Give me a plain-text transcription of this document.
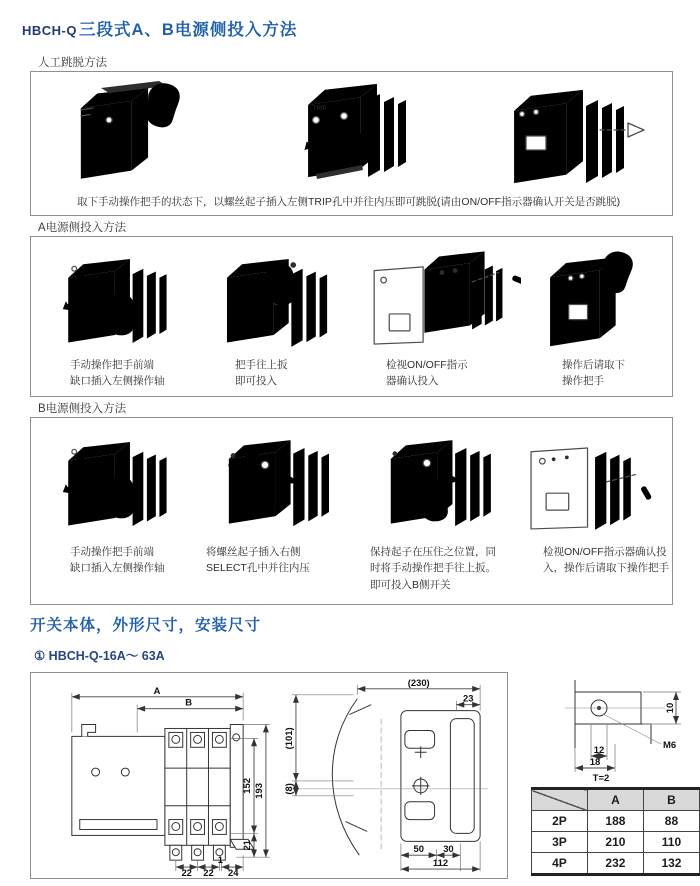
HBCH-Q 三段式A、B电源侧投入方法
人工跳脱方法
TRIP
取下手动操作把手的状态下，以螺丝起子插入左侧TRIP孔中并往内压即可跳脱(请由ON/OFF指示器确认开关是否跳脱)
A电源侧投入方法
手动操作把手前端
缺口插入左侧操作轴
把手往上扳
即可投入
检视ON/OFF指示
器确认投入
操作后请取下
操作把手
B电源侧投入方法
手动操作把手前端
缺口插入左侧操作轴
将螺丝起子插入右侧
SELECT孔中并往内压
保持起子在压住之位置，同
时将手动操作把手往上扳。
即可投入B侧开关
检视ON/OFF指示器确认投
入，操作后请取下操作把手
开关本体，外形尺寸，安装尺寸
① HBCH-Q-16A～ 63A
A
B
152 193
21
22 22
1
24
(230)
23
(101)
(8)
50 30
112
10
12
18
M6
T=2
	A	B
2P	188	88
3P	210	110
4P	232	132
